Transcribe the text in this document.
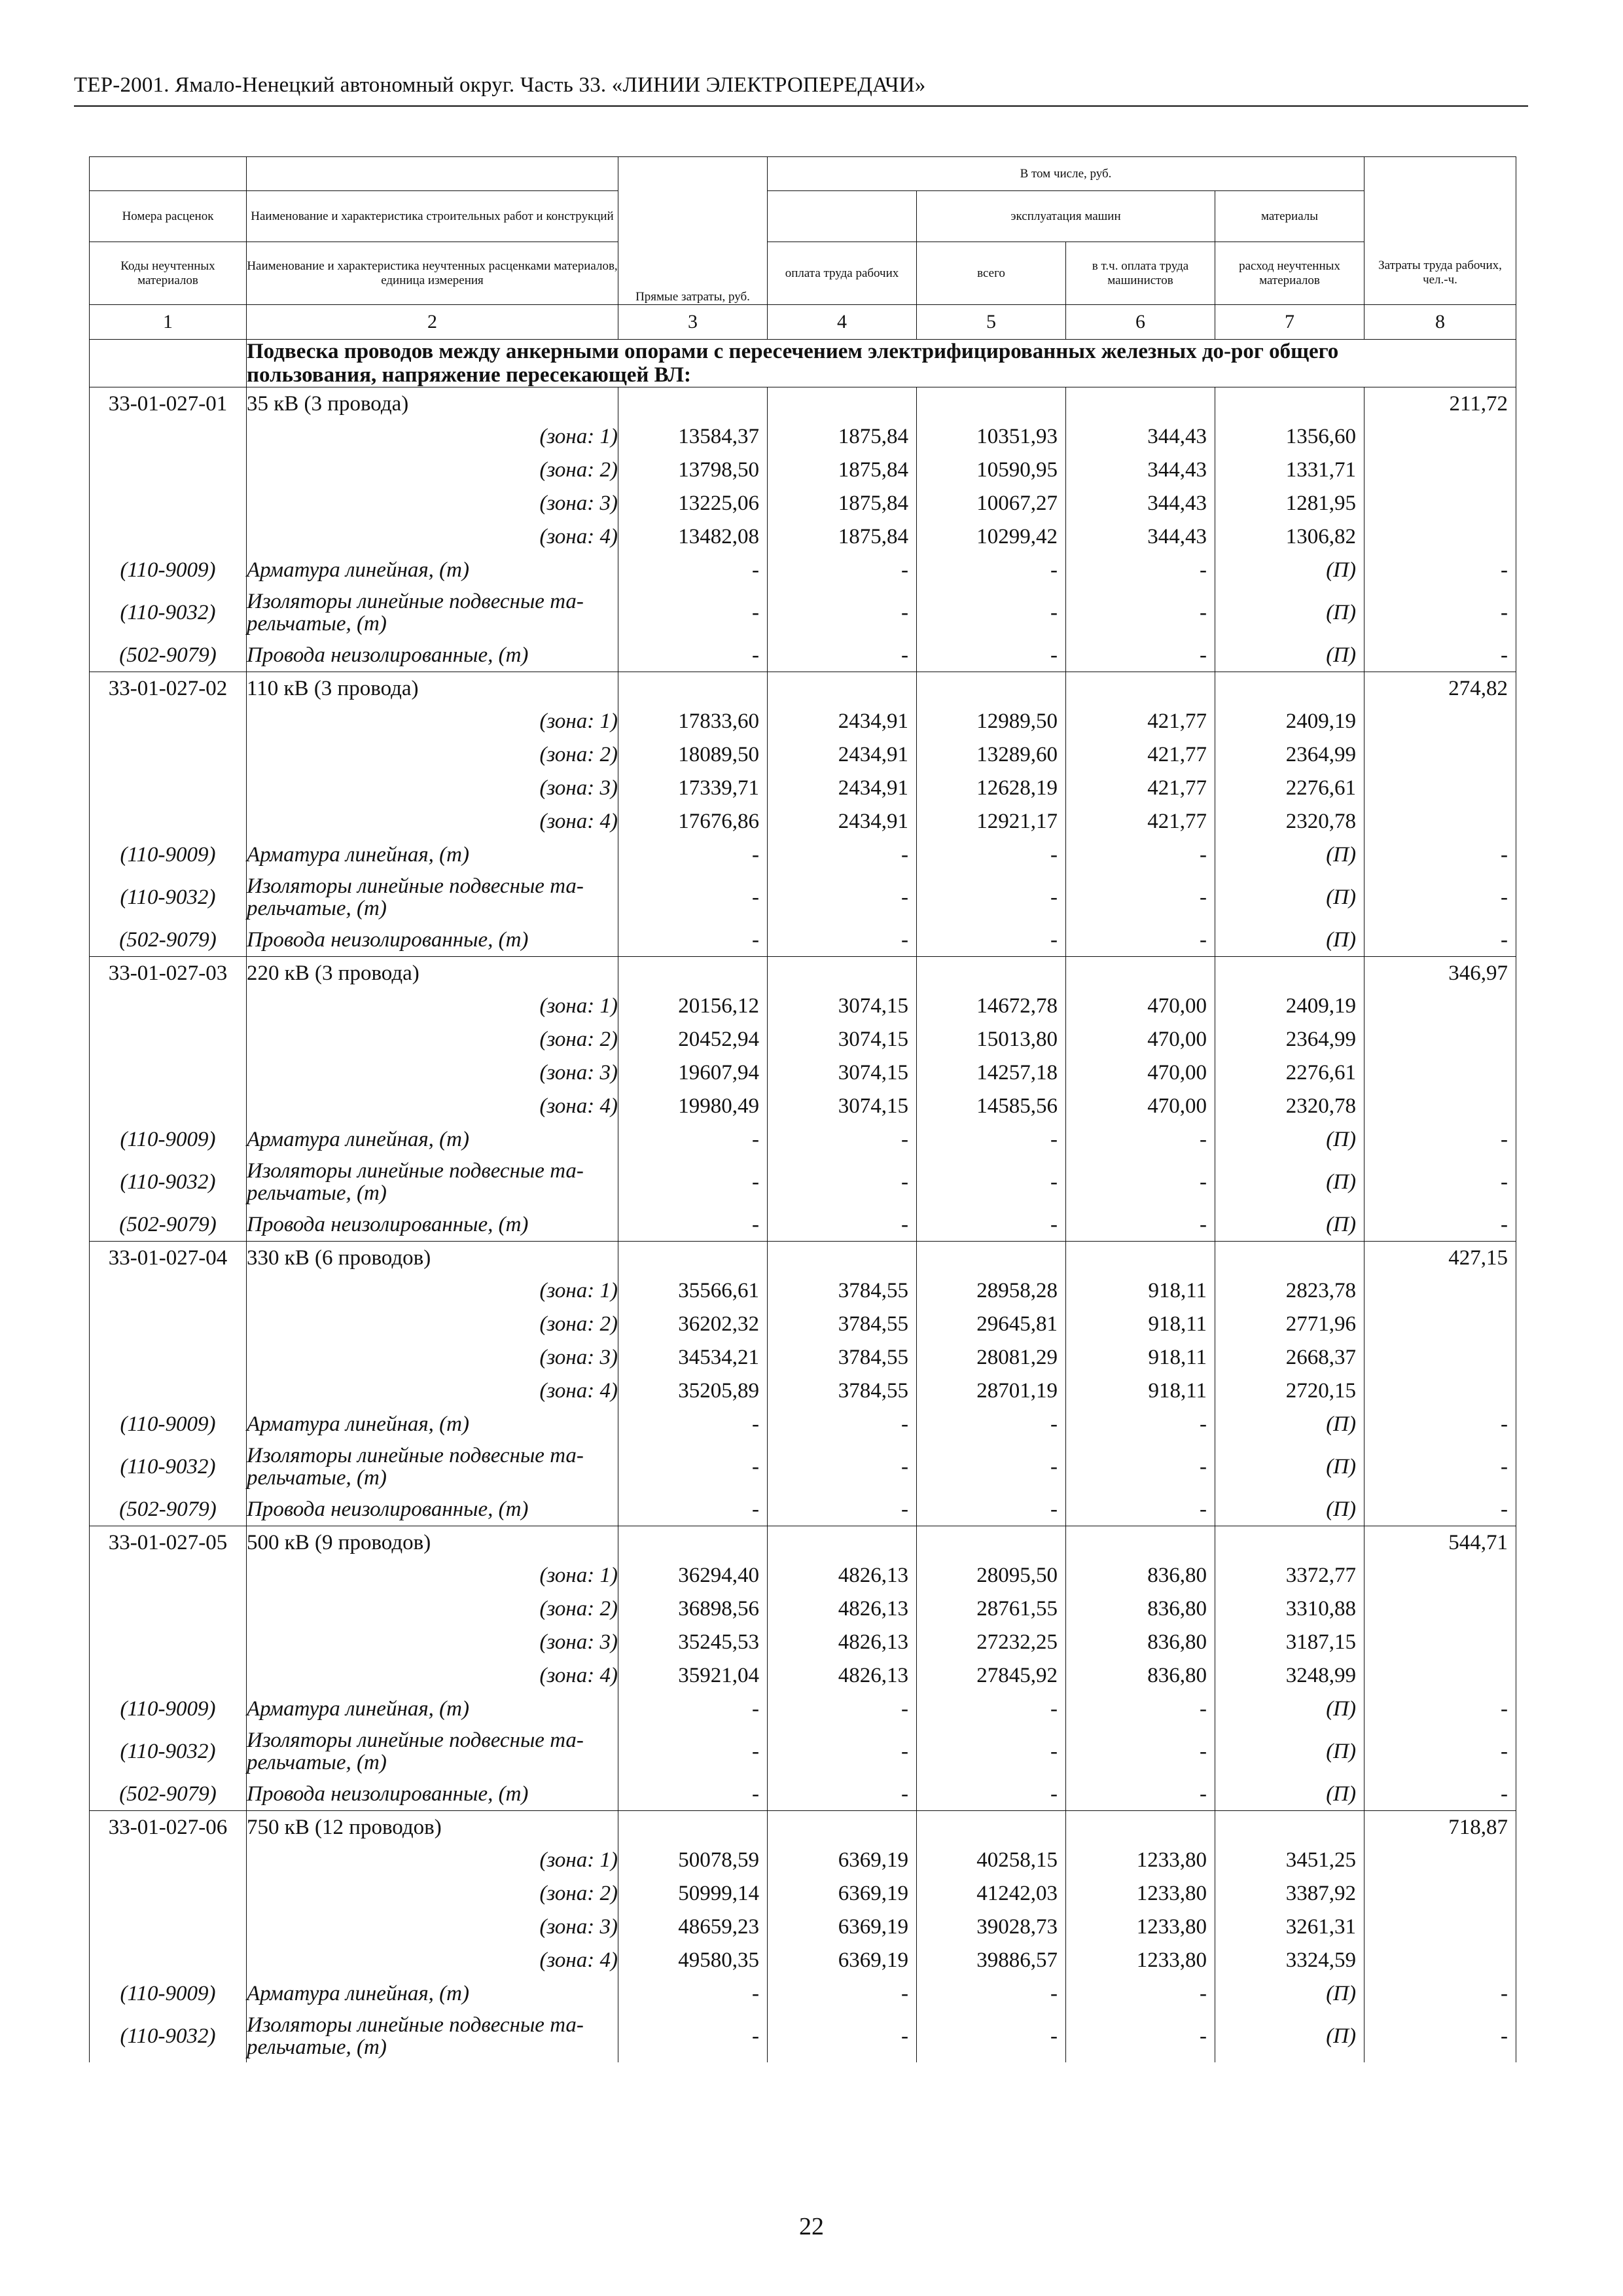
ТЕР-2001. Ямало-Ненецкий автономный округ. Часть 33. «ЛИНИИ ЭЛЕКТРОПЕРЕДАЧИ»
		Прямые затраты, руб.	В том числе, руб.				
Номера расценок	Наименование и характеристика строительных работ и конструкций			эксплуатация машин		материалы	
Коды неучтенных материалов	Наименование и характеристика неучтенных расценками материалов, единица измерения		оплата труда рабочих	всего	в т.ч. оплата труда машинистов	расход неучтенных материалов	Затраты труда рабочих, чел.-ч.
1	2	3	4	5	6	7	8
	Подвеска проводов между анкерными опорами с пересечением электрифицированных железных до-рог общего пользования, напряжение пересекающей ВЛ:						
33-01-027-01	35 кВ (3 провода)						211,72
	(зона: 1)	13584,37	1875,84	10351,93	344,43	1356,60	
	(зона: 2)	13798,50	1875,84	10590,95	344,43	1331,71	
	(зона: 3)	13225,06	1875,84	10067,27	344,43	1281,95	
	(зона: 4)	13482,08	1875,84	10299,42	344,43	1306,82	
(110-9009)	Арматура линейная, (т)	-	-	-	-	(П)	-
(110-9032)	Изоляторы линейные подвесные та-рельчатые, (т)	-	-	-	-	(П)	-
(502-9079)	Провода неизолированные, (т)	-	-	-	-	(П)	-
33-01-027-02	110 кВ (3 провода)						274,82
	(зона: 1)	17833,60	2434,91	12989,50	421,77	2409,19	
	(зона: 2)	18089,50	2434,91	13289,60	421,77	2364,99	
	(зона: 3)	17339,71	2434,91	12628,19	421,77	2276,61	
	(зона: 4)	17676,86	2434,91	12921,17	421,77	2320,78	
(110-9009)	Арматура линейная, (т)	-	-	-	-	(П)	-
(110-9032)	Изоляторы линейные подвесные та-рельчатые, (т)	-	-	-	-	(П)	-
(502-9079)	Провода неизолированные, (т)	-	-	-	-	(П)	-
33-01-027-03	220 кВ (3 провода)						346,97
	(зона: 1)	20156,12	3074,15	14672,78	470,00	2409,19	
	(зона: 2)	20452,94	3074,15	15013,80	470,00	2364,99	
	(зона: 3)	19607,94	3074,15	14257,18	470,00	2276,61	
	(зона: 4)	19980,49	3074,15	14585,56	470,00	2320,78	
(110-9009)	Арматура линейная, (т)	-	-	-	-	(П)	-
(110-9032)	Изоляторы линейные подвесные та-рельчатые, (т)	-	-	-	-	(П)	-
(502-9079)	Провода неизолированные, (т)	-	-	-	-	(П)	-
33-01-027-04	330 кВ (6 проводов)						427,15
	(зона: 1)	35566,61	3784,55	28958,28	918,11	2823,78	
	(зона: 2)	36202,32	3784,55	29645,81	918,11	2771,96	
	(зона: 3)	34534,21	3784,55	28081,29	918,11	2668,37	
	(зона: 4)	35205,89	3784,55	28701,19	918,11	2720,15	
(110-9009)	Арматура линейная, (т)	-	-	-	-	(П)	-
(110-9032)	Изоляторы линейные подвесные та-рельчатые, (т)	-	-	-	-	(П)	-
(502-9079)	Провода неизолированные, (т)	-	-	-	-	(П)	-
33-01-027-05	500 кВ (9 проводов)						544,71
	(зона: 1)	36294,40	4826,13	28095,50	836,80	3372,77	
	(зона: 2)	36898,56	4826,13	28761,55	836,80	3310,88	
	(зона: 3)	35245,53	4826,13	27232,25	836,80	3187,15	
	(зона: 4)	35921,04	4826,13	27845,92	836,80	3248,99	
(110-9009)	Арматура линейная, (т)	-	-	-	-	(П)	-
(110-9032)	Изоляторы линейные подвесные та-рельчатые, (т)	-	-	-	-	(П)	-
(502-9079)	Провода неизолированные, (т)	-	-	-	-	(П)	-
33-01-027-06	750 кВ (12 проводов)						718,87
	(зона: 1)	50078,59	6369,19	40258,15	1233,80	3451,25	
	(зона: 2)	50999,14	6369,19	41242,03	1233,80	3387,92	
	(зона: 3)	48659,23	6369,19	39028,73	1233,80	3261,31	
	(зона: 4)	49580,35	6369,19	39886,57	1233,80	3324,59	
(110-9009)	Арматура линейная, (т)	-	-	-	-	(П)	-
(110-9032)	Изоляторы линейные подвесные та-рельчатые, (т)	-	-	-	-	(П)	-
22
